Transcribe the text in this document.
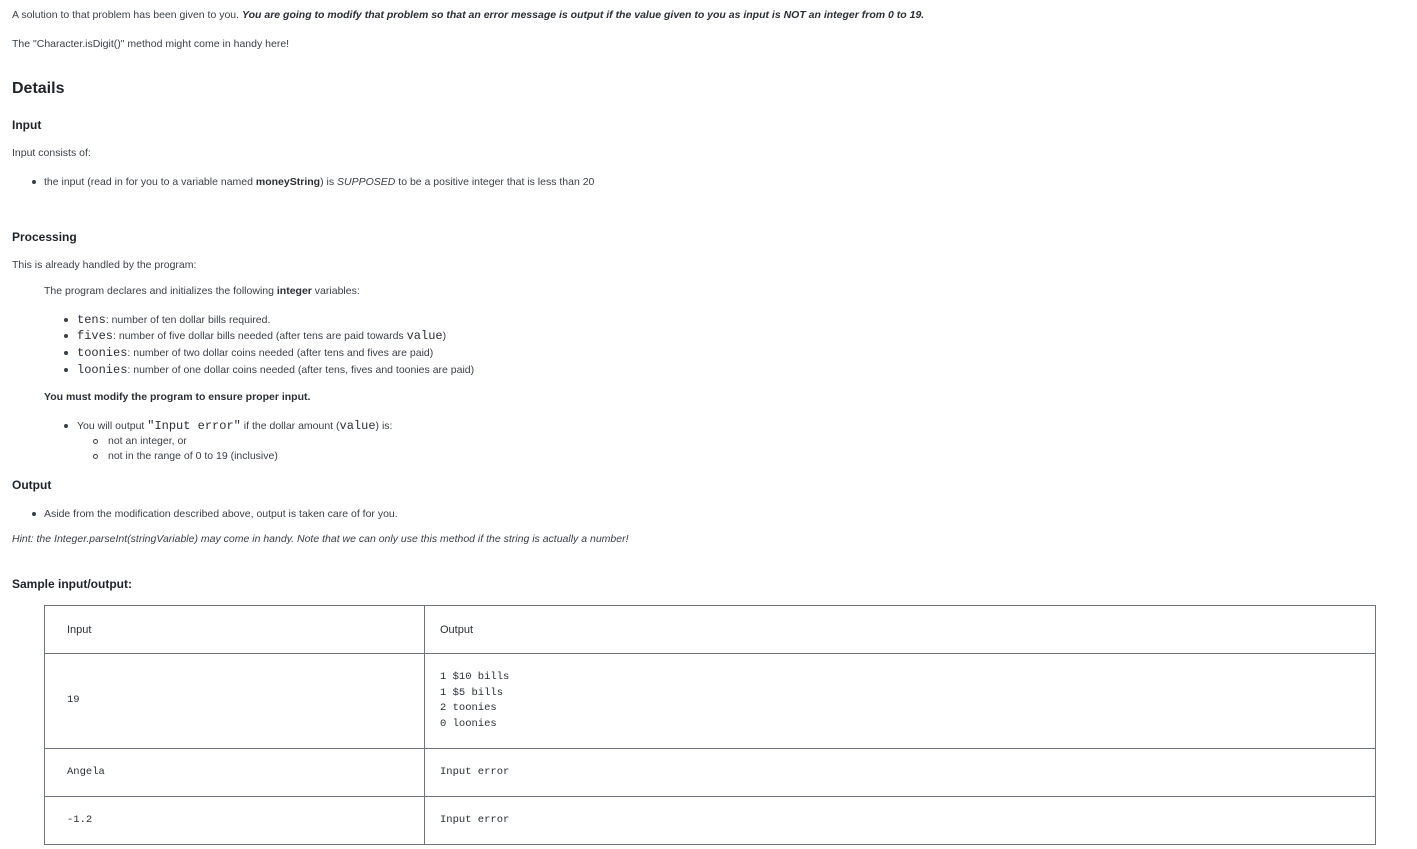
A solution to that problem has been given to you. You are going to modify that problem so that an error message is output if the value given to you as input is NOT an integer from 0 to 19.
The "Character.isDigit()" method might come in handy here!
Details
Input
Input consists of:
the input (read in for you to a variable named moneyString) is SUPPOSED to be a positive integer that is less than 20
Processing
This is already handled by the program:
The program declares and initializes the following integer variables:
tens: number of ten dollar bills required.
fives: number of five dollar bills needed (after tens are paid towards value)
toonies: number of two dollar coins needed (after tens and fives are paid)
loonies: number of one dollar coins needed (after tens, fives and toonies are paid)
You must modify the program to ensure proper input.
You will output "Input error" if the dollar amount (value) is:
not an integer, or
not in the range of 0 to 19 (inclusive)
Output
Aside from the modification described above, output is taken care of for you.
Hint: the Integer.parseInt(stringVariable) may come in handy. Note that we can only use this method if the string is actually a number!
Sample input/output:
Input	Output

19	1 $10 bills
1 $5 bills
2 toonies
0 loonies

Angela	Input error

-1.2	Input error
